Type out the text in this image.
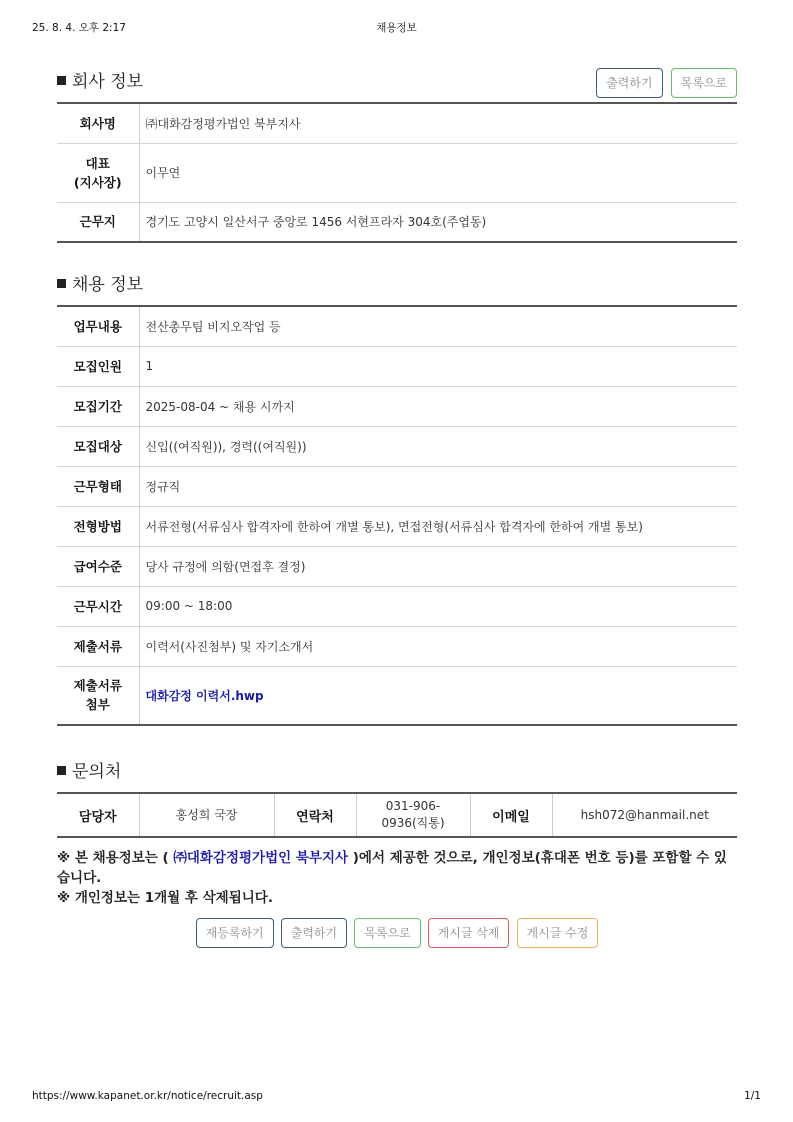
25. 8. 4. 오후 2:17	채용정보
회사 정보	출력하기 목록으로
회사명	㈜대화감정평가법인 북부지사
대표
(지사장)	이무연
근무지	경기도 고양시 일산서구 중앙로 1456 서현프라자 304호(주엽동)
채용 정보
업무내용	전산총무팀 비지오작업 등
모집인원	1
모집기간	2025-08-04 ~ 채용 시까지
모집대상	신입((여직원)), 경력((여직원))
근무형태	정규직
전형방법	서류전형(서류심사 합격자에 한하여 개별 통보), 면접전형(서류심사 합격자에 한하여 개별 통보)
급여수준	당사 규정에 의함(면접후 결정)
근무시간	09:00 ~ 18:00
제출서류	이력서(사진첨부) 및 자기소개서
제출서류
첨부	대화감정 이력서.hwp
문의처
담당자	홍성희 국장	연락처	031-906-0936(직통)	이메일	hsh072@hanmail.net
※ 본 채용정보는 ( ㈜대화감정평가법인 북부지사 )에서 제공한 것으로, 개인정보(휴대폰 번호 등)를 포함할 수 있습니다.
※ 개인정보는 1개월 후 삭제됩니다.
재등록하기 출력하기 목록으로 게시글 삭제 게시글 수정
https://www.kapanet.or.kr/notice/recruit.asp	1/1
